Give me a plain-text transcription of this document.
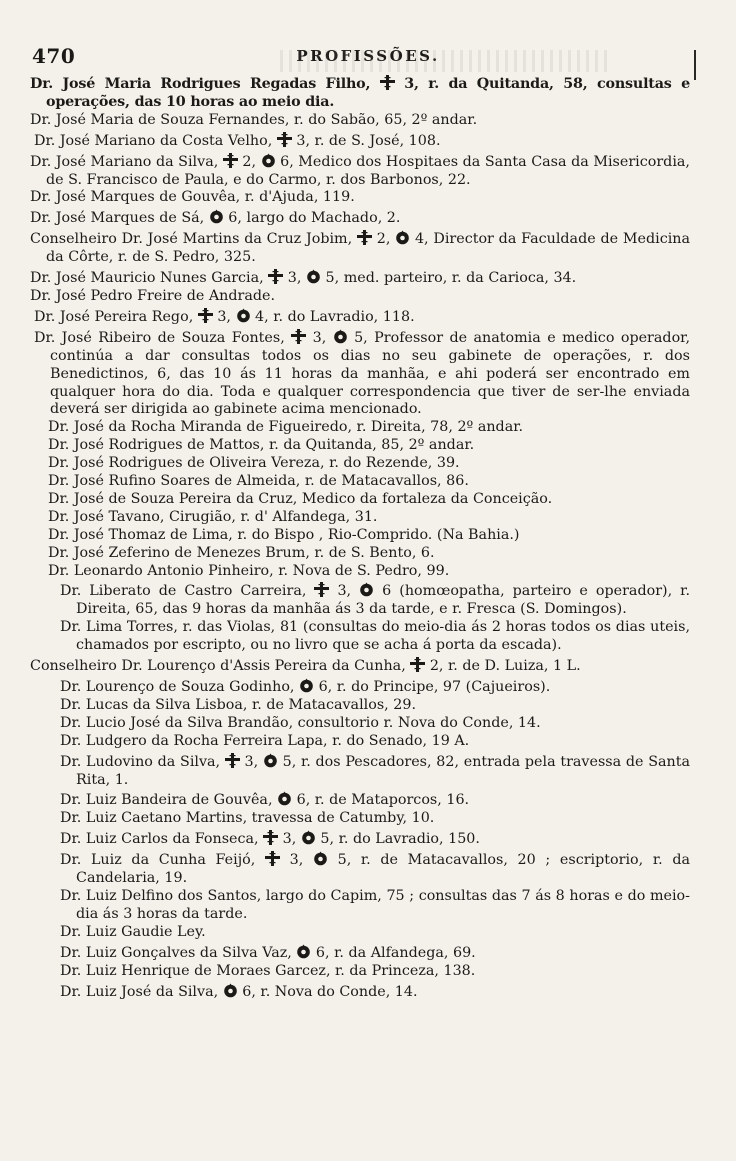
470	PROFISSÕES.

Dr. José Maria Rodrigues Regadas Filho,
3, r. da Quitanda, 58, consultas e operações, das 10 horas ao meio dia.

Dr. José Maria de Souza Fernandes, r. do Sabão, 65, 2º andar.

Dr. José Mariano da Costa Velho,
3, r. de S. José, 108.

Dr. José Mariano da Silva,
2,
6, Medico dos Hospitaes da Santa Casa da Misericordia, de S. Francisco de Paula, e do Carmo, r. dos Barbonos, 22.

Dr. José Marques de Gouvêa, r. d'Ajuda, 119.

Dr. José Marques de Sá,
6, largo do Machado, 2.

Conselheiro Dr. José Martins da Cruz Jobim,
2,
4, Director da Faculdade de Medicina da Côrte, r. de S. Pedro, 325.

Dr. José Mauricio Nunes Garcia,
3,
5, med. parteiro, r. da Carioca, 34.

Dr. José Pedro Freire de Andrade.

Dr. José Pereira Rego,
3,
4, r. do Lavradio, 118.

Dr. José Ribeiro de Souza Fontes,
3,
5, Professor de anatomia e medico operador, continúa a dar consultas todos os dias no seu gabinete de operações, r. dos Benedictinos, 6, das 10 ás 11 horas da manhãa, e ahi poderá ser encontrado em qualquer hora do dia. Toda e qualquer correspondencia que tiver de ser-lhe enviada deverá ser dirigida ao gabinete acima mencionado.

Dr. José da Rocha Miranda de Figueiredo, r. Direita, 78, 2º andar.

Dr. José Rodrigues de Mattos, r. da Quitanda, 85, 2º andar.

Dr. José Rodrigues de Oliveira Vereza, r. do Rezende, 39.

Dr. José Rufino Soares de Almeida, r. de Matacavallos, 86.

Dr. José de Souza Pereira da Cruz, Medico da fortaleza da Conceição.

Dr. José Tavano, Cirugião, r. d' Alfandega, 31.

Dr. José Thomaz de Lima, r. do Bispo , Rio-Comprido. (Na Bahia.)

Dr. José Zeferino de Menezes Brum, r. de S. Bento, 6.

Dr. Leonardo Antonio Pinheiro, r. Nova de S. Pedro, 99.

Dr. Liberato de Castro Carreira,
3,
6 (homœopatha, parteiro e operador), r. Direita, 65, das 9 horas da manhãa ás 3 da tarde, e r. Fresca (S. Domingos).

Dr. Lima Torres, r. das Violas, 81 (consultas do meio-dia ás 2 horas todos os dias uteis, chamados por escripto, ou no livro que se acha á porta da escada).

Conselheiro Dr. Lourenço d'Assis Pereira da Cunha,
2, r. de D. Luiza, 1 L.

Dr. Lourenço de Souza Godinho,
6, r. do Principe, 97 (Cajueiros).

Dr. Lucas da Silva Lisboa, r. de Matacavallos, 29.

Dr. Lucio José da Silva Brandão, consultorio r. Nova do Conde, 14.

Dr. Ludgero da Rocha Ferreira Lapa, r. do Senado, 19 A.

Dr. Ludovino da Silva,
3,
5, r. dos Pescadores, 82, entrada pela travessa de Santa Rita, 1.

Dr. Luiz Bandeira de Gouvêa,
6, r. de Mataporcos, 16.

Dr. Luiz Caetano Martins, travessa de Catumby, 10.

Dr. Luiz Carlos da Fonseca,
3,
5, r. do Lavradio, 150.

Dr. Luiz da Cunha Feijó,
3,
5, r. de Matacavallos, 20 ; escriptorio, r. da Candelaria, 19.

Dr. Luiz Delfino dos Santos, largo do Capim, 75 ; consultas das 7 ás 8 horas e do meio-dia ás 3 horas da tarde.

Dr. Luiz Gaudie Ley.

Dr. Luiz Gonçalves da Silva Vaz,
6, r. da Alfandega, 69.

Dr. Luiz Henrique de Moraes Garcez, r. da Princeza, 138.

Dr. Luiz José da Silva,
6, r. Nova do Conde, 14.
